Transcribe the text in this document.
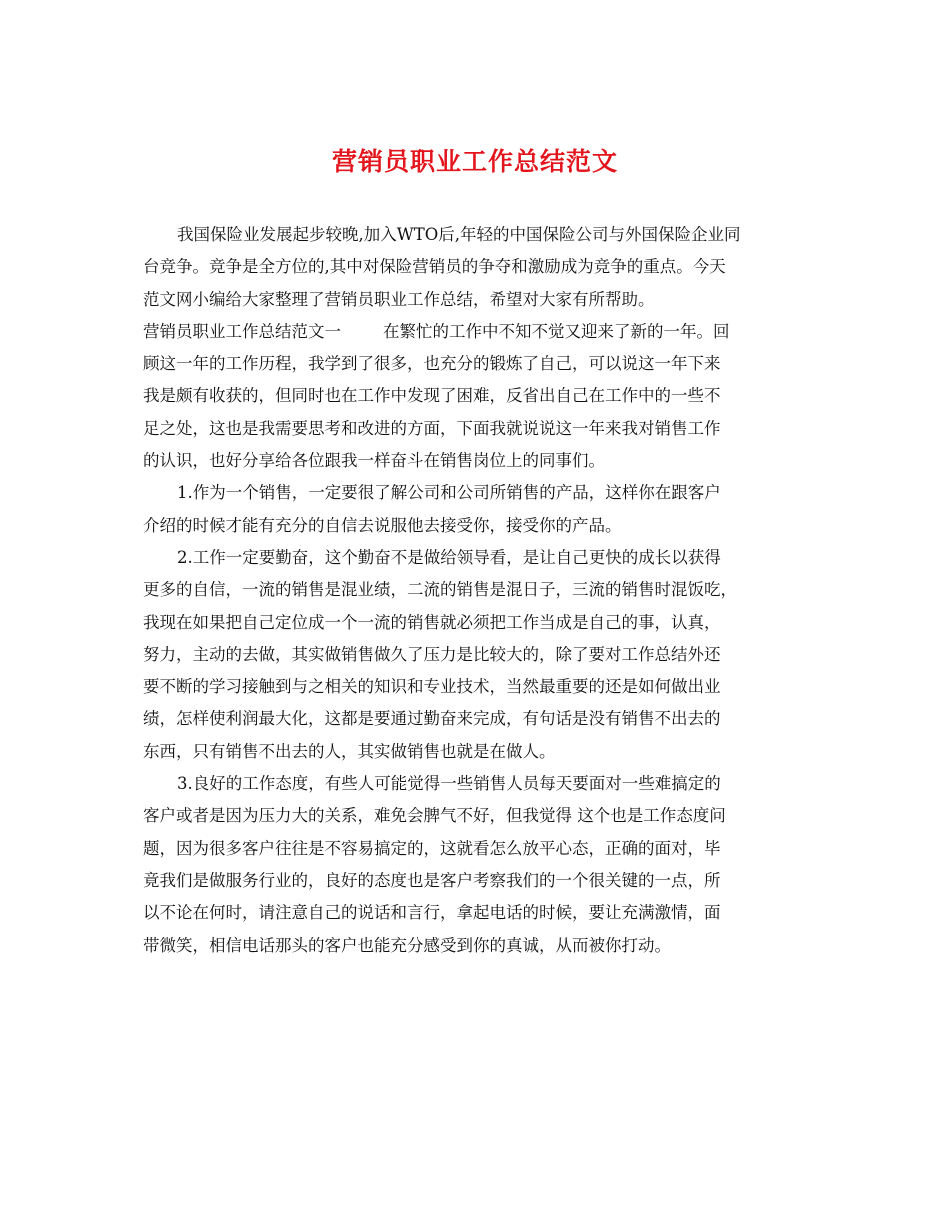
营销员职业工作总结范文
我国保险业发展起步较晚,加入WTO后,年轻的中国保险公司与外国保险企业同
台竞争。竞争是全方位的,其中对保险营销员的争夺和激励成为竞争的重点。今天
范文网小编给大家整理了营销员职业工作总结，希望对大家有所帮助。
营销员职业工作总结范文一	在繁忙的工作中不知不觉又迎来了新的一年。回
顾这一年的工作历程，我学到了很多，也充分的锻炼了自己，可以说这一年下来
我是颇有收获的，但同时也在工作中发现了困难，反省出自己在工作中的一些不
足之处，这也是我需要思考和改进的方面，下面我就说说这一年来我对销售工作
的认识，也好分享给各位跟我一样奋斗在销售岗位上的同事们。
1.作为一个销售，一定要很了解公司和公司所销售的产品，这样你在跟客户
介绍的时候才能有充分的自信去说服他去接受你，接受你的产品。
2.工作一定要勤奋，这个勤奋不是做给领导看，是让自己更快的成长以获得
更多的自信，一流的销售是混业绩，二流的销售是混日子，三流的销售时混饭吃，
我现在如果把自己定位成一个一流的销售就必须把工作当成是自己的事，认真，
努力，主动的去做，其实做销售做久了压力是比较大的，除了要对工作总结外还
要不断的学习接触到与之相关的知识和专业技术，当然最重要的还是如何做出业
绩，怎样使利润最大化，这都是要通过勤奋来完成，有句话是没有销售不出去的
东西，只有销售不出去的人，其实做销售也就是在做人。
3.良好的工作态度，有些人可能觉得一些销售人员每天要面对一些难搞定的
客户或者是因为压力大的关系，难免会脾气不好，但我觉得 这个也是工作态度问
题，因为很多客户往往是不容易搞定的，这就看怎么放平心态，正确的面对，毕
竟我们是做服务行业的，良好的态度也是客户考察我们的一个很关键的一点，所
以不论在何时，请注意自己的说话和言行，拿起电话的时候，要让充满激情，面
带微笑，相信电话那头的客户也能充分感受到你的真诚，从而被你打动。
